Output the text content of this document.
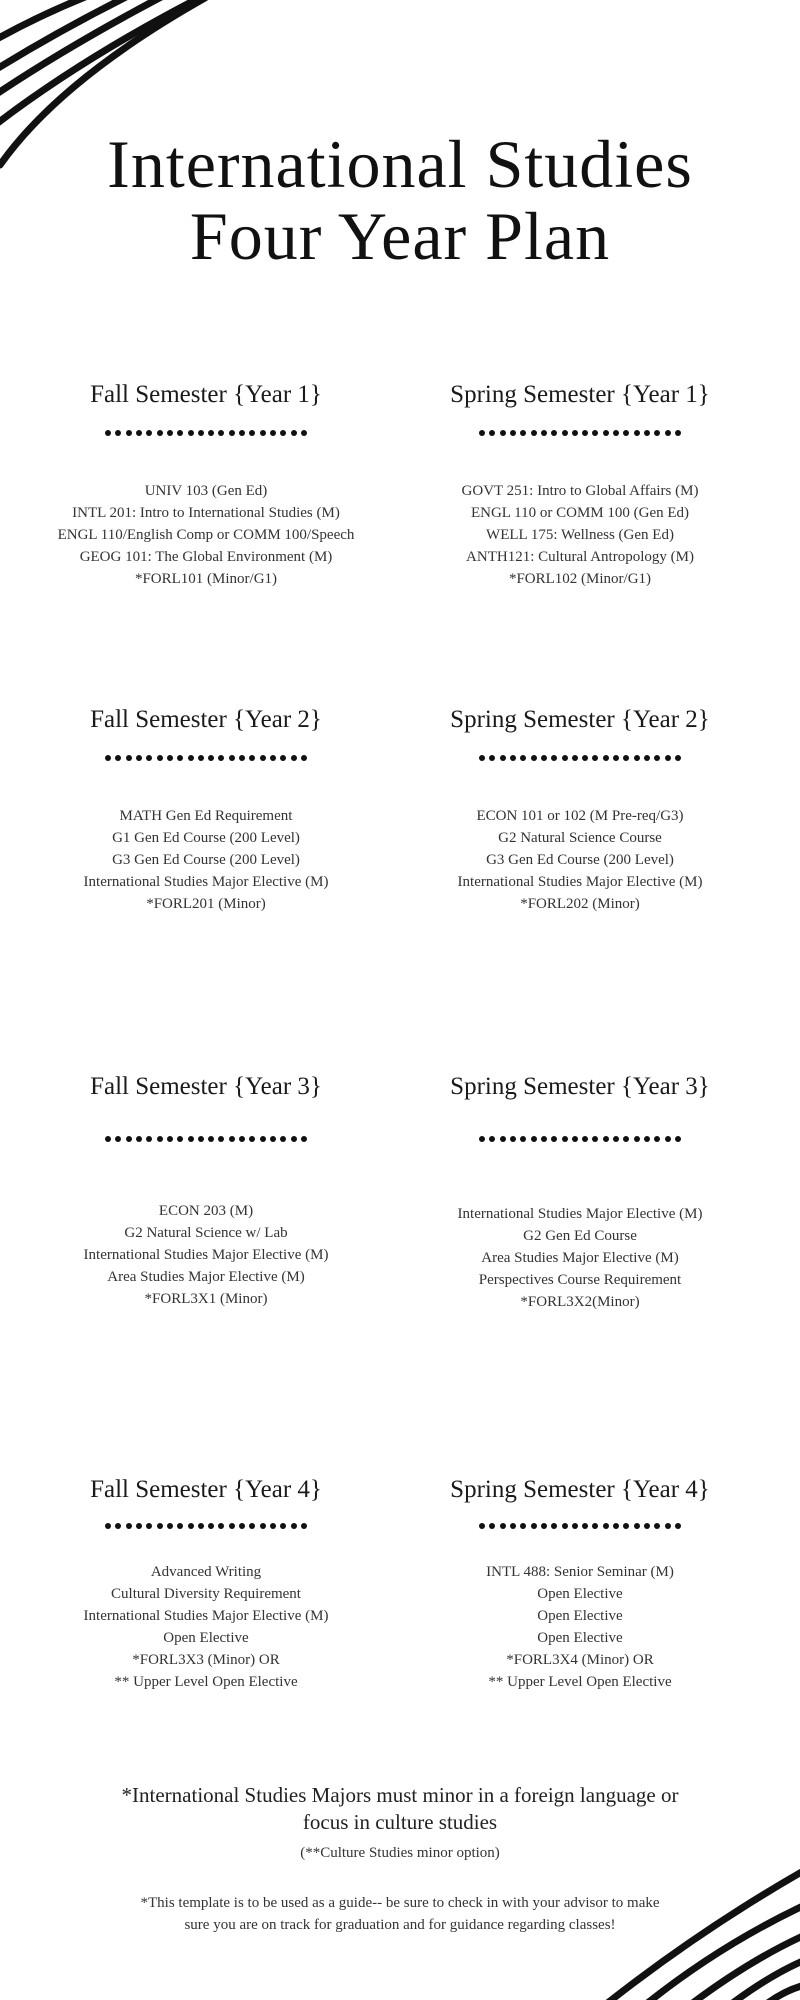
International Studies
Four Year Plan
Fall Semester {Year 1}
UNIV 103 (Gen Ed)
INTL 201: Intro to International Studies (M)
ENGL 110/English Comp or COMM 100/Speech
GEOG 101: The Global Environment (M)
*FORL101 (Minor/G1)
Spring Semester {Year 1}
GOVT 251: Intro to Global Affairs (M)
ENGL 110 or COMM 100 (Gen Ed)
WELL 175: Wellness (Gen Ed)
ANTH121: Cultural Antropology (M)
*FORL102 (Minor/G1)
Fall Semester {Year 2}
MATH Gen Ed Requirement
G1 Gen Ed Course (200 Level)
G3 Gen Ed Course (200 Level)
International Studies Major Elective (M)
*FORL201 (Minor)
Spring Semester {Year 2}
ECON 101 or 102 (M Pre-req/G3)
G2 Natural Science Course
G3 Gen Ed Course (200 Level)
International Studies Major Elective (M)
*FORL202 (Minor)
Fall Semester {Year 3}
ECON 203 (M)
G2 Natural Science w/ Lab
International Studies Major Elective (M)
Area Studies Major Elective (M)
*FORL3X1 (Minor)
Spring Semester {Year 3}
International Studies Major Elective (M)
G2 Gen Ed Course
Area Studies Major Elective (M)
Perspectives Course Requirement
*FORL3X2(Minor)
Fall Semester {Year 4}
Advanced Writing
Cultural Diversity Requirement
International Studies Major Elective (M)
Open Elective
*FORL3X3 (Minor) OR
** Upper Level Open Elective
Spring Semester {Year 4}
INTL 488: Senior Seminar (M)
Open Elective
Open Elective
Open Elective
*FORL3X4 (Minor) OR
** Upper Level Open Elective
*International Studies Majors must minor in a foreign language or
focus in culture studies
(**Culture Studies minor option)
*This template is to be used as a guide-- be sure to check in with your advisor to make
sure you are on track for graduation and for guidance regarding classes!
